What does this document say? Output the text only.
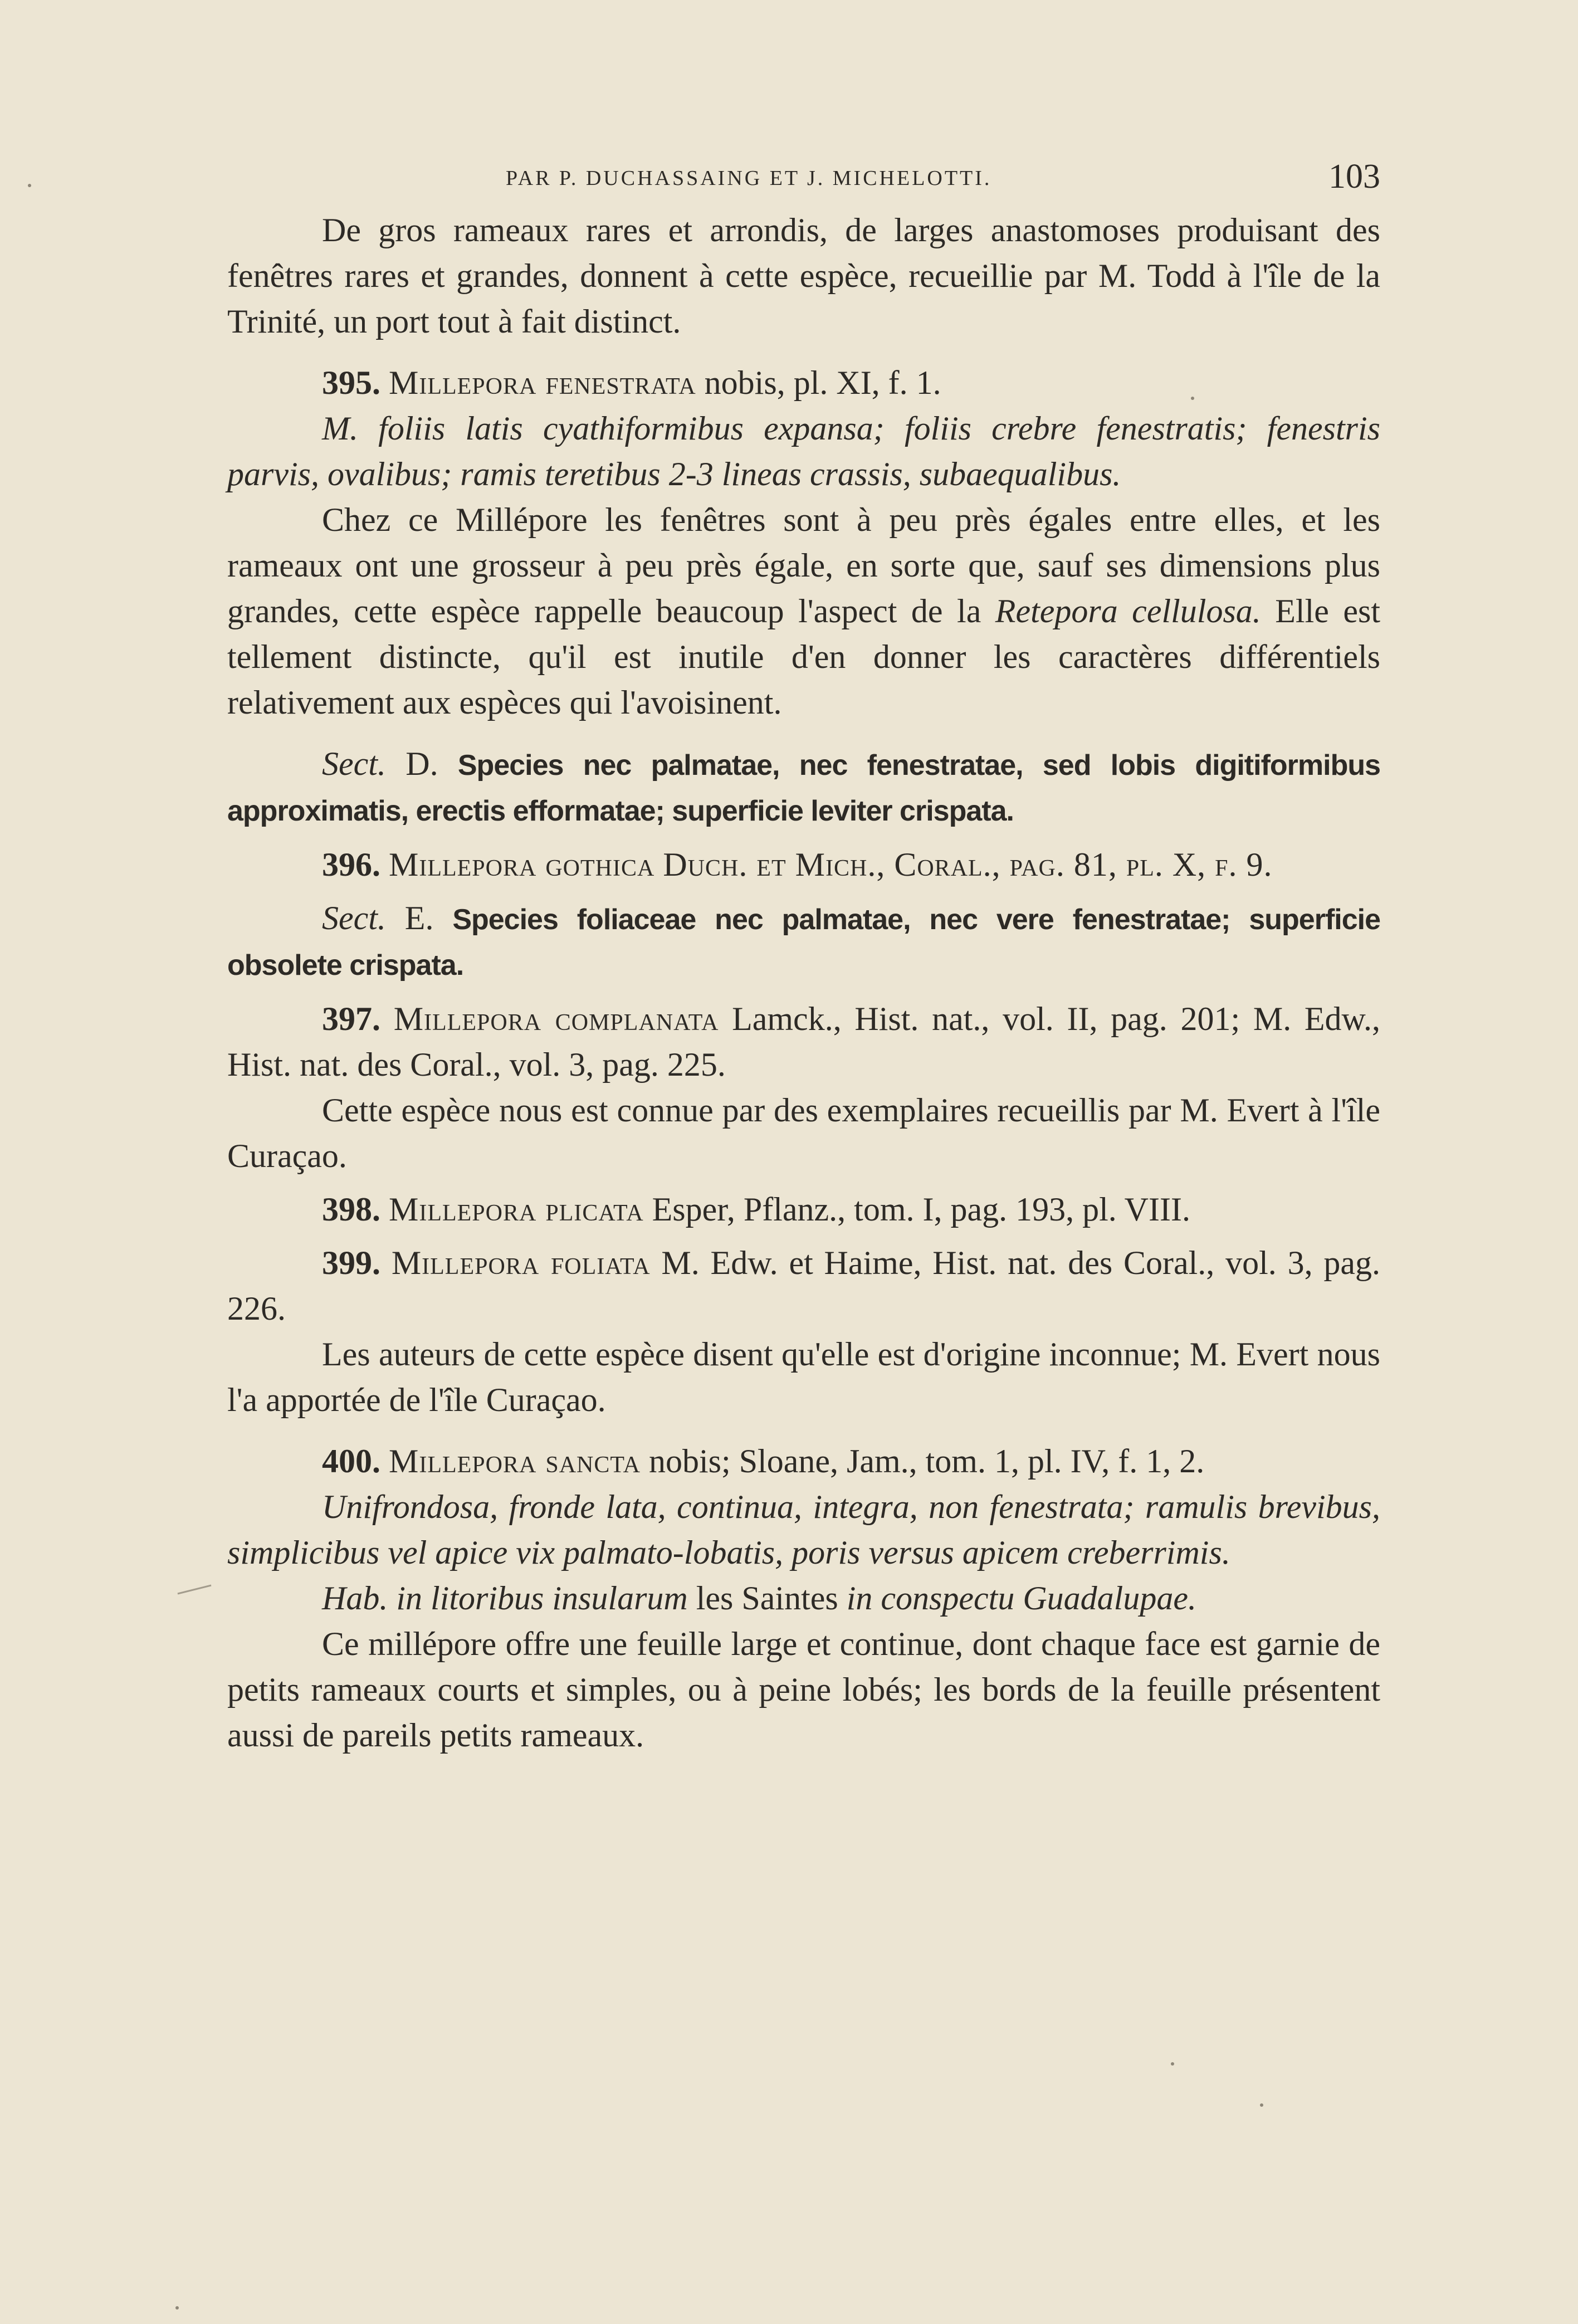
PAR P. DUCHASSAING ET J. MICHELOTTI.	103

De gros rameaux rares et arrondis, de larges anastomoses produisant des fenêtres rares et grandes, donnent à cette espèce, recueillie par M. Todd à l'île de la Trinité, un port tout à fait distinct.

395. Millepora fenestrata nobis, pl. XI, f. 1.

M. foliis latis cyathiformibus expansa; foliis crebre fenestratis; fenestris parvis, ovalibus; ramis teretibus 2-3 lineas crassis, subaequalibus.

Chez ce Millépore les fenêtres sont à peu près égales entre elles, et les rameaux ont une grosseur à peu près égale, en sorte que, sauf ses dimensions plus grandes, cette espèce rappelle beaucoup l'aspect de la Retepora cellulosa. Elle est tellement distincte, qu'il est inutile d'en donner les caractères différentiels relativement aux espèces qui l'avoisinent.

Sect. D. Species nec palmatae, nec fenestratae, sed lobis digitiformibus approximatis, erectis efformatae; superficie leviter crispata.

396. Millepora gothica Duch. et Mich., Coral., pag. 81, pl. X, f. 9.

Sect. E. Species foliaceae nec palmatae, nec vere fenestratae; superficie obsolete crispata.

397. Millepora complanata Lamck., Hist. nat., vol. II, pag. 201; M. Edw., Hist. nat. des Coral., vol. 3, pag. 225.

Cette espèce nous est connue par des exemplaires recueillis par M. Evert à l'île Curaçao.

398. Millepora plicata Esper, Pflanz., tom. I, pag. 193, pl. VIII.

399. Millepora foliata M. Edw. et Haime, Hist. nat. des Coral., vol. 3, pag. 226.

Les auteurs de cette espèce disent qu'elle est d'origine inconnue; M. Evert nous l'a apportée de l'île Curaçao.

400. Millepora sancta nobis; Sloane, Jam., tom. 1, pl. IV, f. 1, 2.

Unifrondosa, fronde lata, continua, integra, non fenestrata; ramulis brevibus, simplicibus vel apice vix palmato-lobatis, poris versus apicem creberrimis.

Hab. in litoribus insularum les Saintes in conspectu Guadalupae.

Ce millépore offre une feuille large et continue, dont chaque face est garnie de petits rameaux courts et simples, ou à peine lobés; les bords de la feuille présentent aussi de pareils petits rameaux.
